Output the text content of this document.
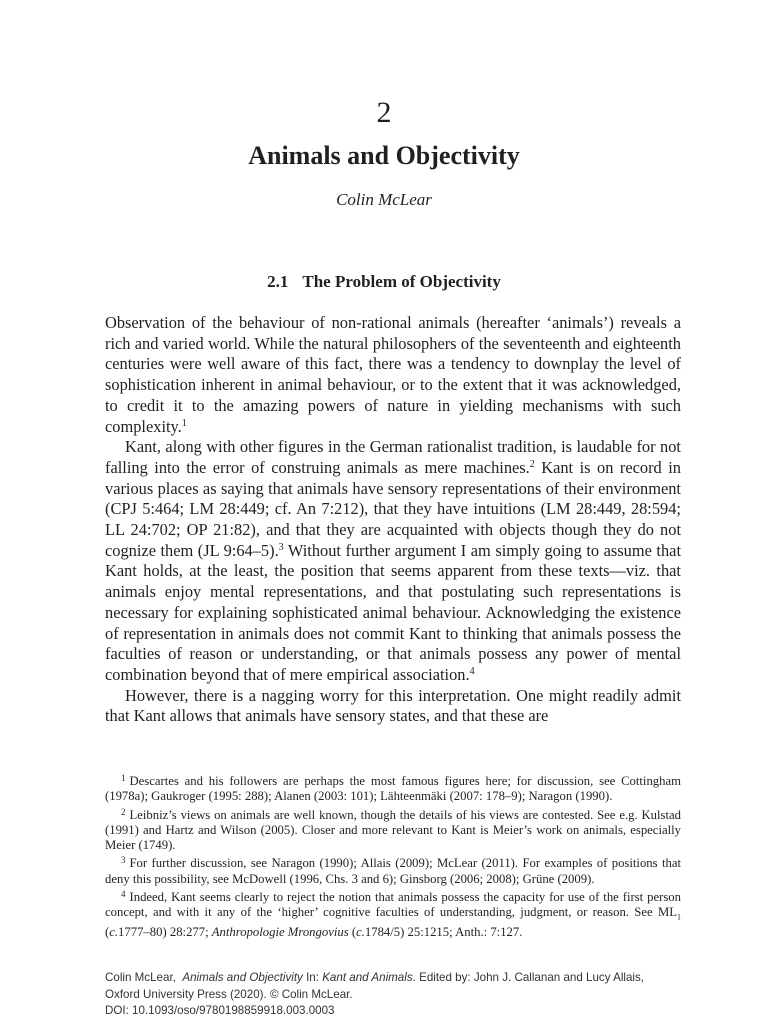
2
Animals and Objectivity
Colin McLear
2.1 The Problem of Objectivity

Observation of the behaviour of non-rational animals (hereafter ‘animals’) reveals a rich and varied world. While the natural philosophers of the seventeenth and eighteenth centuries were well aware of this fact, there was a tendency to downplay the level of sophistication inherent in animal behaviour, or to the extent that it was acknowledged, to credit it to the amazing powers of nature in yielding mechanisms with such complexity.$^1$

Kant, along with other figures in the German rationalist tradition, is laudable for not falling into the error of construing animals as mere machines.$^2$ Kant is on record in various places as saying that animals have sensory representations of their environment (CPJ 5:464; LM 28:449; cf. An 7:212), that they have intuitions (LM 28:449, 28:594; LL 24:702; OP 21:82), and that they are acquainted with objects though they do not cognize them (JL 9:64–5).$^3$ Without further argument I am simply going to assume that Kant holds, at the least, the position that seems apparent from these texts—viz. that animals enjoy mental representations, and that postulating such representations is necessary for explaining sophisticated animal behaviour. Acknowledging the existence of representation in animals does not commit Kant to thinking that animals possess the faculties of reason or understanding, or that animals possess any power of mental combination beyond that of mere empirical association.$^4$

However, there is a nagging worry for this interpretation. One might readily admit that Kant allows that animals have sensory states, and that these are

$^1$ Descartes and his followers are perhaps the most famous figures here; for discussion, see Cottingham (1978a); Gaukroger (1995: 288); Alanen (2003: 101); Lähteenmäki (2007: 178–9); Naragon (1990).

$^2$ Leibniz’s views on animals are well known, though the details of his views are contested. See e.g. Kulstad (1991) and Hartz and Wilson (2005). Closer and more relevant to Kant is Meier’s work on animals, especially Meier (1749).

$^3$ For further discussion, see Naragon (1990); Allais (2009); McLear (2011). For examples of positions that deny this possibility, see McDowell (1996, Chs. 3 and 6); Ginsborg (2006; 2008); Grüne (2009).

$^4$ Indeed, Kant seems clearly to reject the notion that animals possess the capacity for use of the first person concept, and with it any of the ‘higher’ cognitive faculties of understanding, judgment, or reason. See $ML_1$ (c.1777–80) 28:277; Anthropologie Mrongovius (c.1784/5) 25:1215; Anth.: 7:127.

Colin McLear, Animals and Objectivity In: Kant and Animals. Edited by: John J. Callanan and Lucy Allais,
Oxford University Press (2020). © Colin McLear.
DOI: 10.1093/oso/9780198859918.003.0003
